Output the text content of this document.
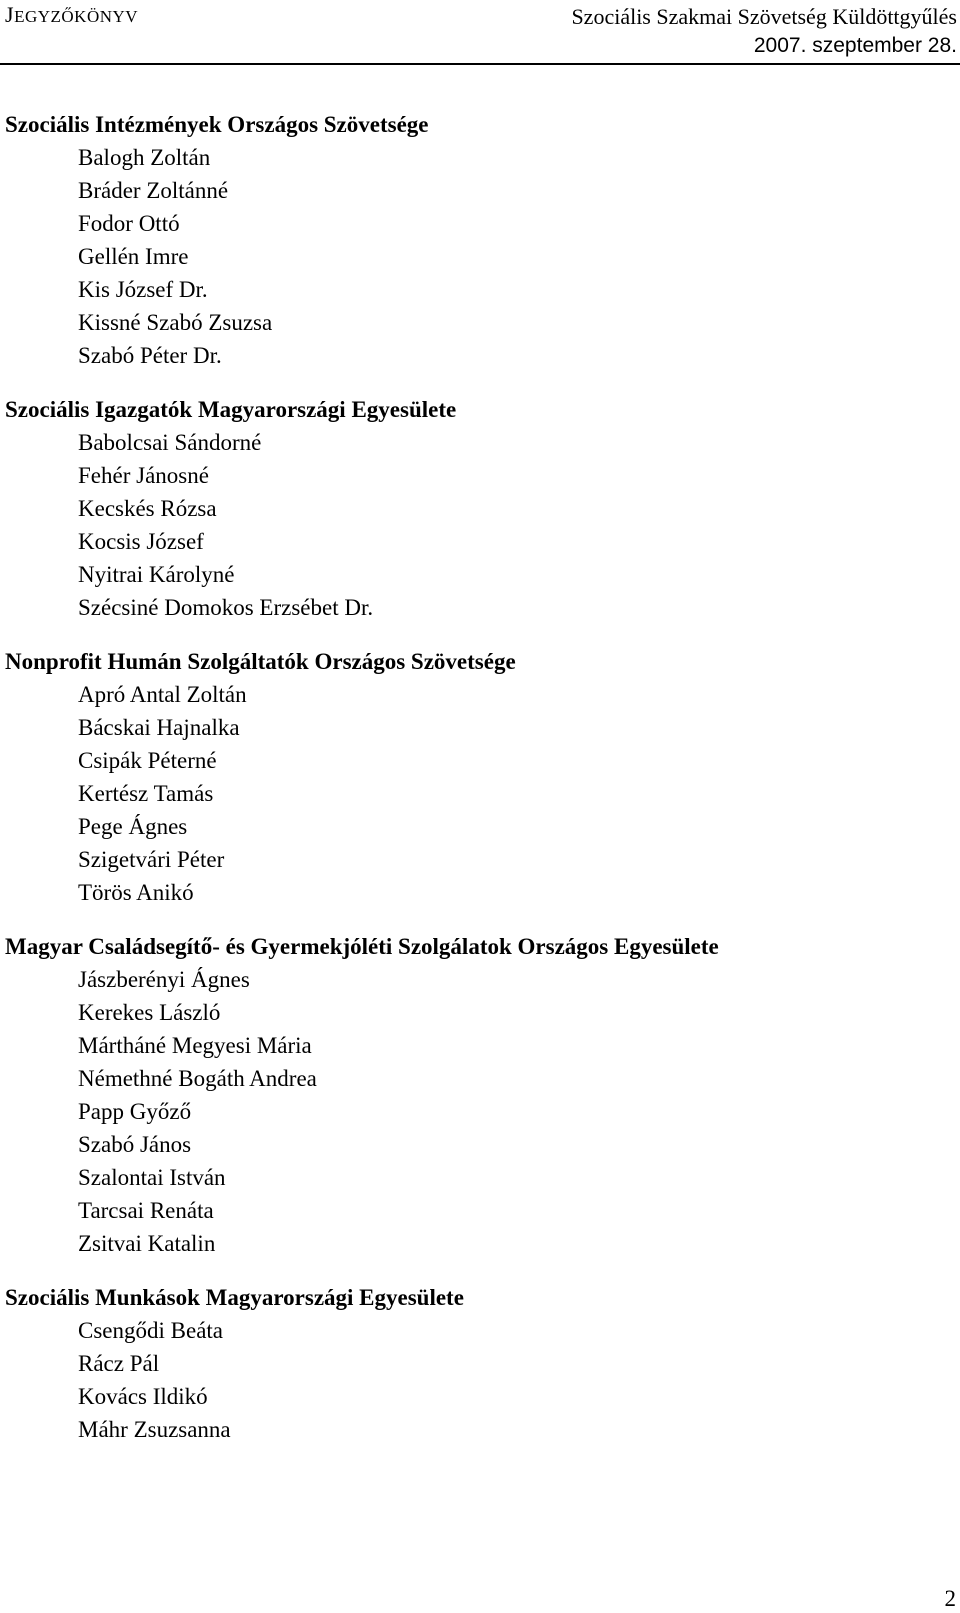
JEGYZŐKÖNYV	Szociális Szakmai Szövetség Küldöttgyűlés
2007. szeptember 28.
Szociális Intézmények Országos Szövetsége
Balogh Zoltán
Bráder Zoltánné
Fodor Ottó
Gellén Imre
Kis József Dr.
Kissné Szabó Zsuzsa
Szabó Péter Dr.
Szociális Igazgatók Magyarországi Egyesülete
Babolcsai Sándorné
Fehér Jánosné
Kecskés Rózsa
Kocsis József
Nyitrai Károlyné
Szécsiné Domokos Erzsébet Dr.
Nonprofit Humán Szolgáltatók Országos Szövetsége
Apró Antal Zoltán
Bácskai Hajnalka
Csipák Péterné
Kertész Tamás
Pege Ágnes
Szigetvári Péter
Törös Anikó
Magyar Családsegítő- és Gyermekjóléti Szolgálatok Országos Egyesülete
Jászberényi Ágnes
Kerekes László
Mártháné Megyesi Mária
Némethné Bogáth Andrea
Papp Győző
Szabó János
Szalontai István
Tarcsai Renáta
Zsitvai Katalin
Szociális Munkások Magyarországi Egyesülete
Csengődi Beáta
Rácz Pál
Kovács Ildikó
Máhr Zsuzsanna
2
